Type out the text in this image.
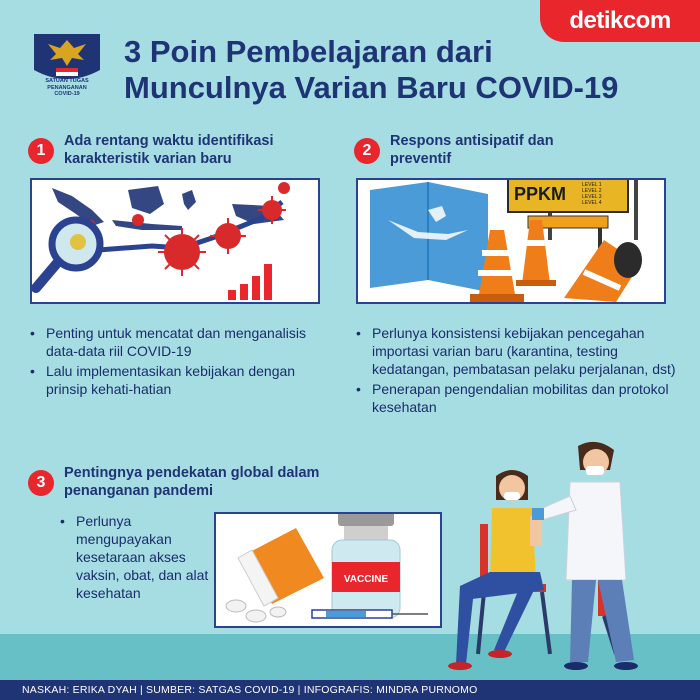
detikcom
SATUAN TUGAS
PENANGANAN
COVID-19
3 Poin Pembelajaran dari
Munculnya Varian Baru COVID-19
1
Ada rentang waktu identifikasi
karakteristik varian baru
• Penting untuk mencatat dan menganalisis data-data riil COVID-19
• Lalu implementasikan kebijakan dengan prinsip kehati-hatian
2
Respons antisipatif dan
preventif
PPKM	LEVEL 1
LEVEL 2
LEVEL 3
LEVEL 4
• Perlunya konsistensi kebijakan pencegahan importasi varian baru (karantina, testing kedatangan, pembatasan pelaku perjalanan, dst)
• Penerapan pengendalian mobilitas dan protokol kesehatan
3
Pentingnya pendekatan global dalam
penanganan pandemi
• Perlunya mengupayakan kesetaraan akses vaksin, obat, dan alat kesehatan
VACCINE
NASKAH: ERIKA DYAH | SUMBER: SATGAS COVID-19 | INFOGRAFIS: MINDRA PURNOMO
